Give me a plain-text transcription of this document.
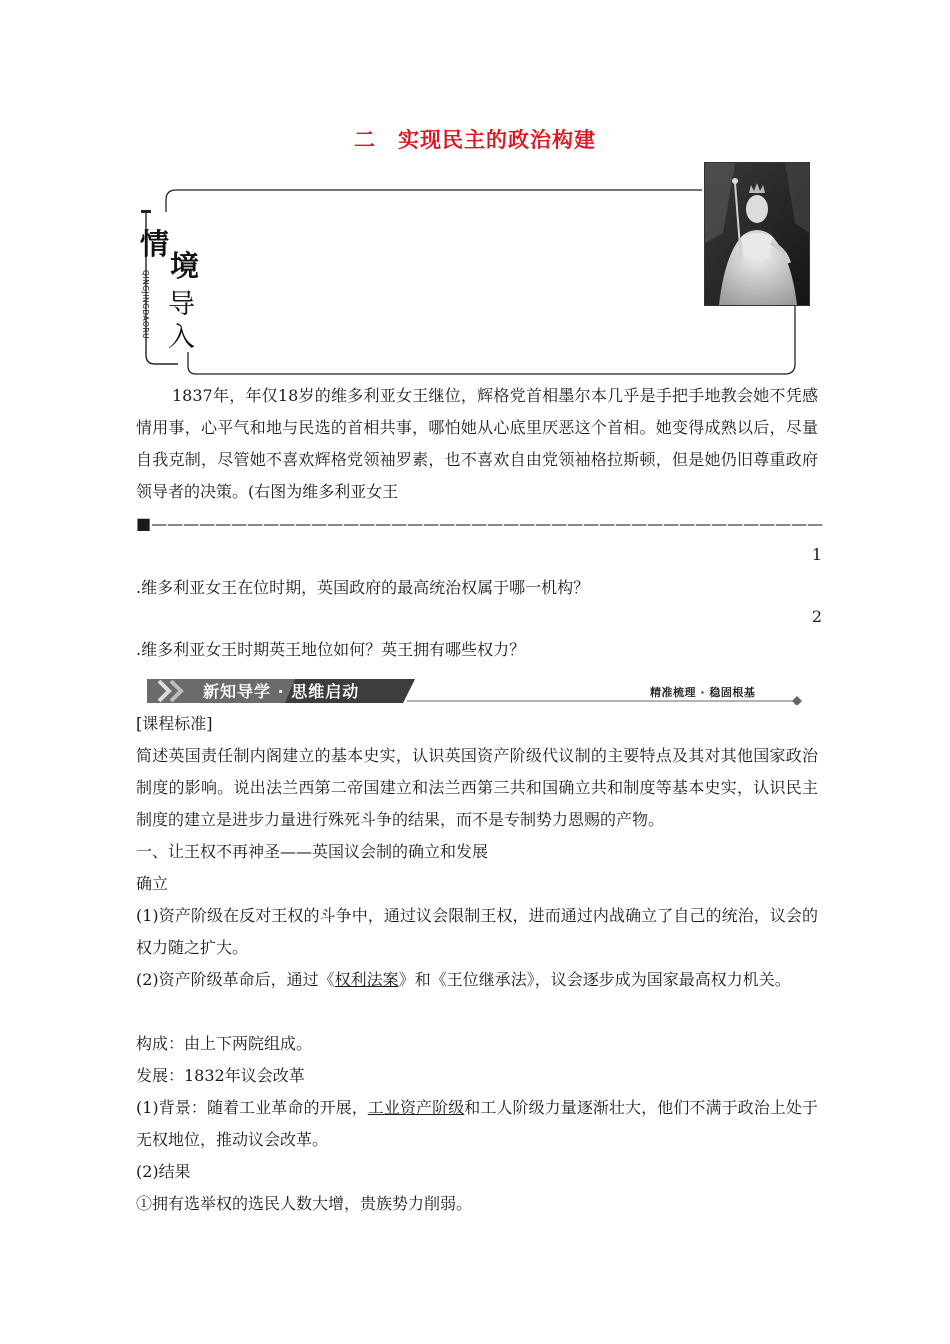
二 实现民主的政治构建
情
境
导
入
QINGJINGDAORU
1837年，年仅18岁的维多利亚女王继位，辉格党首相墨尔本几乎是手把手地教会她不凭感情用事，心平气和地与民选的首相共事，哪怕她从心底里厌恶这个首相。她变得成熟以后，尽量自我克制，尽管她不喜欢辉格党领袖罗素，也不喜欢自由党领袖格拉斯顿，但是她仍旧尊重政府领导者的决策。(右图为维多利亚女王
■——————————————————————————————————————————
1
.维多利亚女王在位时期，英国政府的最高统治权属于哪一机构？
2
.维多利亚女王时期英王地位如何？英王拥有哪些权力？
新知导学 · 思维启动	精准梳理 · 稳固根基
[课程标准]
简述英国责任制内阁建立的基本史实，认识英国资产阶级代议制的主要特点及其对其他国家政治制度的影响。说出法兰西第二帝国建立和法兰西第三共和国确立共和制度等基本史实，认识民主制度的建立是进步力量进行殊死斗争的结果，而不是专制势力恩赐的产物。
一、让王权不再神圣——英国议会制的确立和发展
确立
(1)资产阶级在反对王权的斗争中，通过议会限制王权，进而通过内战确立了自己的统治，议会的权力随之扩大。
(2)资产阶级革命后，通过《权利法案》和《王位继承法》，议会逐步成为国家最高权力机关。
构成：由上下两院组成。
发展：1832年议会改革
(1)背景：随着工业革命的开展，工业资产阶级和工人阶级力量逐渐壮大，他们不满于政治上处于无权地位，推动议会改革。
(2)结果
①拥有选举权的选民人数大增，贵族势力削弱。
